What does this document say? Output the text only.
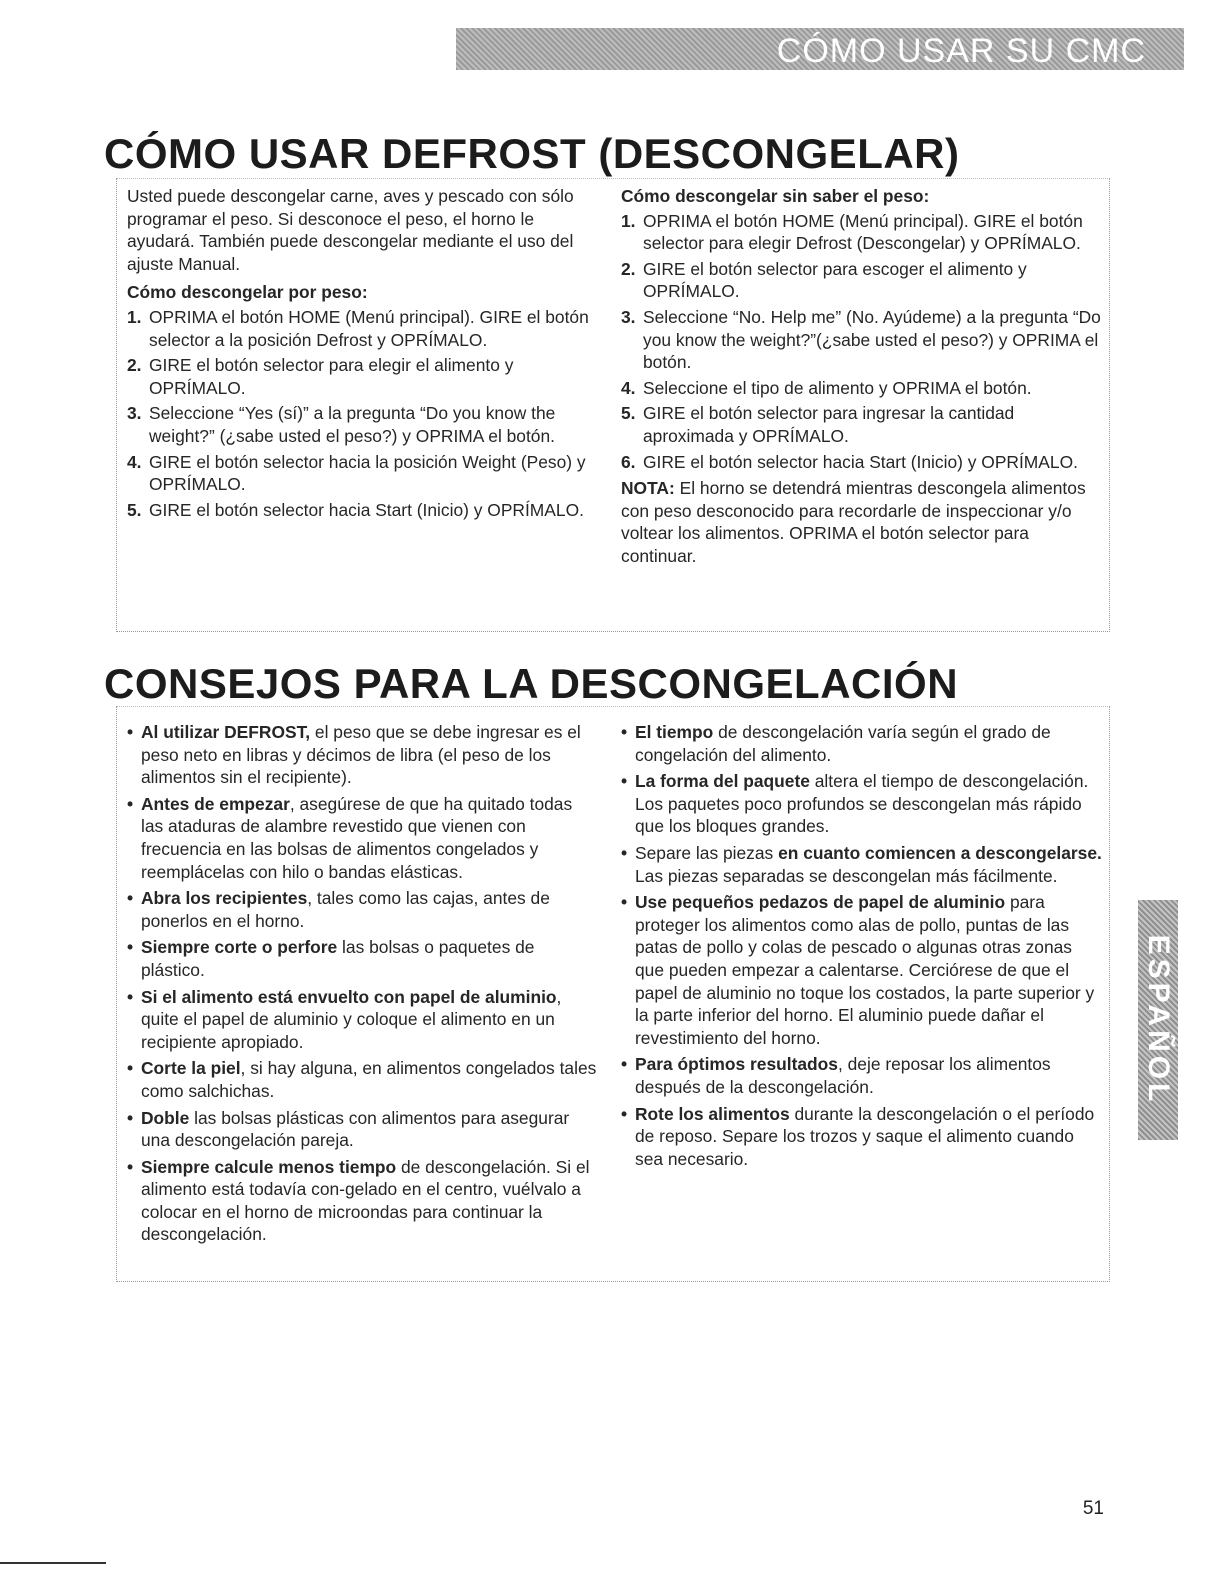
CÓMO USAR SU CMC
CÓMO USAR DEFROST (DESCONGELAR)

Usted puede descongelar carne, aves y pescado con sólo programar el peso. Si desconoce el peso, el horno le ayudará. También puede descongelar mediante el uso del ajuste Manual.

Cómo descongelar por peso:

1. OPRIMA el botón HOME (Menú principal). GIRE el botón selector a la posición Defrost y OPRÍMALO.
2. GIRE el botón selector para elegir el alimento y OPRÍMALO.
3. Seleccione “Yes (sí)” a la pregunta “Do you know the weight?” (¿sabe usted el peso?) y OPRIMA el botón.
4. GIRE el botón selector hacia la posición Weight (Peso) y OPRÍMALO.
5. GIRE el botón selector hacia Start (Inicio) y OPRÍMALO.

Cómo descongelar sin saber el peso:

1. OPRIMA el botón HOME (Menú principal). GIRE el botón selector para elegir Defrost (Descongelar) y OPRÍMALO.
2. GIRE el botón selector para escoger el alimento y OPRÍMALO.
3. Seleccione “No. Help me” (No. Ayúdeme) a la pregunta “Do you know the weight?”(¿sabe usted el peso?) y OPRIMA el botón.
4. Seleccione el tipo de alimento y OPRIMA el botón.
5. GIRE el botón selector para ingresar la cantidad aproximada y OPRÍMALO.
6. GIRE el botón selector hacia Start (Inicio) y OPRÍMALO.

NOTA: El horno se detendrá mientras descongela alimentos con peso desconocido para recordarle de inspeccionar y/o voltear los alimentos. OPRIMA el botón selector para continuar.

CONSEJOS PARA LA DESCONGELACIÓN
• Al utilizar DEFROST, el peso que se debe ingresar es el peso neto en libras y décimos de libra (el peso de los alimentos sin el recipiente).
• Antes de empezar, asegúrese de que ha quitado todas las ataduras de alambre revestido que vienen con frecuencia en las bolsas de alimentos congelados y reemplácelas con hilo o bandas elásticas.
• Abra los recipientes, tales como las cajas, antes de ponerlos en el horno.
• Siempre corte o perfore las bolsas o paquetes de plástico.
• Si el alimento está envuelto con papel de aluminio, quite el papel de aluminio y coloque el alimento en un recipiente apropiado.
• Corte la piel, si hay alguna, en alimentos congelados tales como salchichas.
• Doble las bolsas plásticas con alimentos para asegurar una descongelación pareja.
• Siempre calcule menos tiempo de descongelación. Si el alimento está todavía con-gelado en el centro, vuélvalo a colocar en el horno de microondas para continuar la descongelación.
• El tiempo de descongelación varía según el grado de congelación del alimento.
• La forma del paquete altera el tiempo de descongelación. Los paquetes poco profundos se descongelan más rápido que los bloques grandes.
• Separe las piezas en cuanto comiencen a descongelarse. Las piezas separadas se descongelan más fácilmente.
• Use pequeños pedazos de papel de aluminio para proteger los alimentos como alas de pollo, puntas de las patas de pollo y colas de pescado o algunas otras zonas que pueden empezar a calentarse. Cerciórese de que el papel de aluminio no toque los costados, la parte superior y la parte inferior del horno. El aluminio puede dañar el revestimiento del horno.
• Para óptimos resultados, deje reposar los alimentos después de la descongelación.
• Rote los alimentos durante la descongelación o el período de reposo. Separe los trozos y saque el alimento cuando sea necesario.
ESPAÑOL
51
